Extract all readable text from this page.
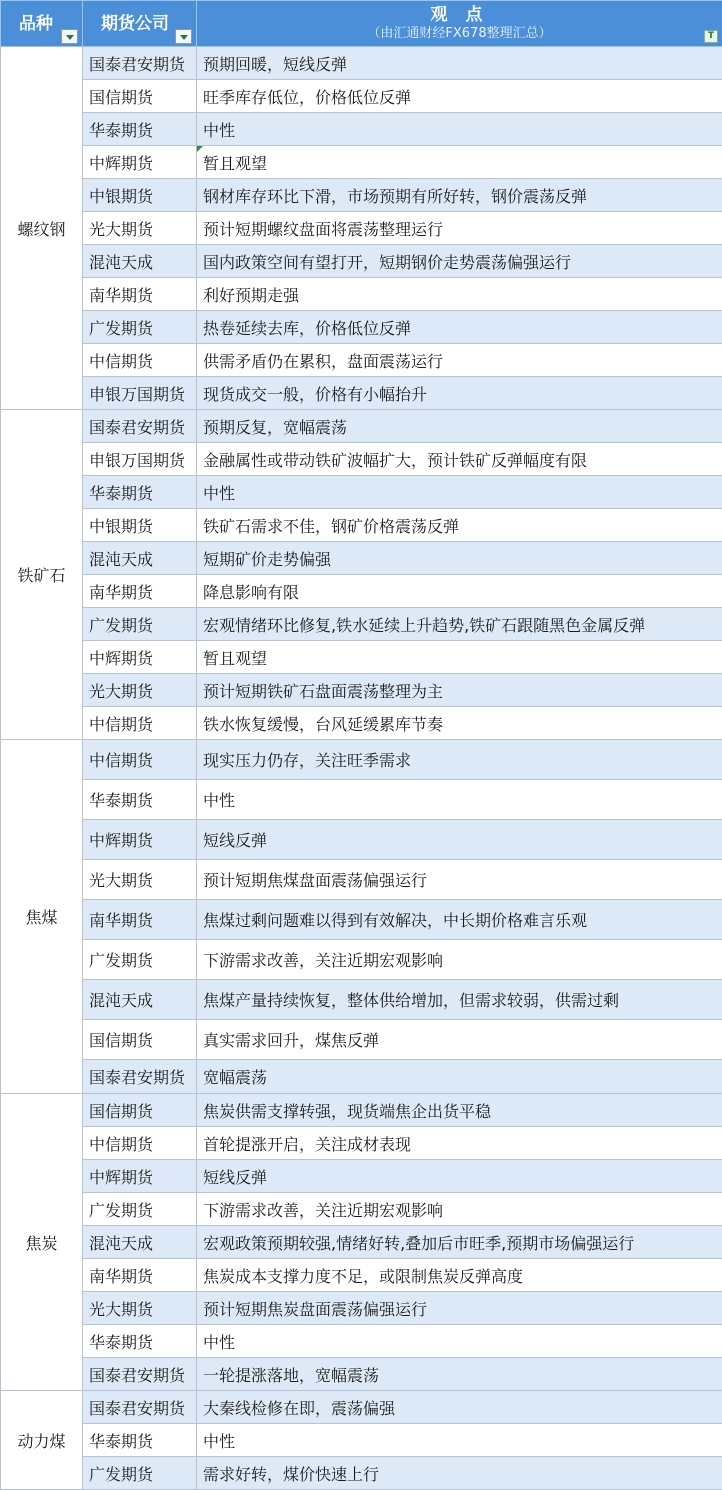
品种	期货公司	观 点
（由汇通财经FX678整理汇总） T

螺纹钢	国泰君安期货	预期回暖，短线反弹
	国信期货	旺季库存低位，价格低位反弹
	华泰期货	中性
	中辉期货	暂且观望

	中银期货	钢材库存环比下滑，市场预期有所好转，钢价震荡反弹
	光大期货	预计短期螺纹盘面将震荡整理运行
	混沌天成	国内政策空间有望打开，短期钢价走势震荡偏强运行
	南华期货	利好预期走强
	广发期货	热卷延续去库，价格低位反弹
	中信期货	供需矛盾仍在累积，盘面震荡运行
	申银万国期货	现货成交一般，价格有小幅抬升
铁矿石	国泰君安期货	预期反复，宽幅震荡
	申银万国期货	金融属性或带动铁矿波幅扩大，预计铁矿反弹幅度有限
	华泰期货	中性
	中银期货	铁矿石需求不佳，钢矿价格震荡反弹
	混沌天成	短期矿价走势偏强
	南华期货	降息影响有限
	广发期货	宏观情绪环比修复,铁水延续上升趋势,铁矿石跟随黑色金属反弹
	中辉期货	暂且观望
	光大期货	预计短期铁矿石盘面震荡整理为主
	中信期货	铁水恢复缓慢，台风延缓累库节奏
焦煤	中信期货	现实压力仍存，关注旺季需求
	华泰期货	中性
	中辉期货	短线反弹
	光大期货	预计短期焦煤盘面震荡偏强运行
	南华期货	焦煤过剩问题难以得到有效解决，中长期价格难言乐观
	广发期货	下游需求改善，关注近期宏观影响
	混沌天成	焦煤产量持续恢复，整体供给增加，但需求较弱，供需过剩
	国信期货	真实需求回升，煤焦反弹
	国泰君安期货	宽幅震荡
焦炭	国信期货	焦炭供需支撑转强，现货端焦企出货平稳
	中信期货	首轮提涨开启，关注成材表现
	中辉期货	短线反弹
	广发期货	下游需求改善，关注近期宏观影响
	混沌天成	宏观政策预期较强,情绪好转,叠加后市旺季,预期市场偏强运行
	南华期货	焦炭成本支撑力度不足，或限制焦炭反弹高度
	光大期货	预计短期焦炭盘面震荡偏强运行
	华泰期货	中性
	国泰君安期货	一轮提涨落地，宽幅震荡
动力煤	国泰君安期货	大秦线检修在即，震荡偏强
	华泰期货	中性
	广发期货	需求好转，煤价快速上行
